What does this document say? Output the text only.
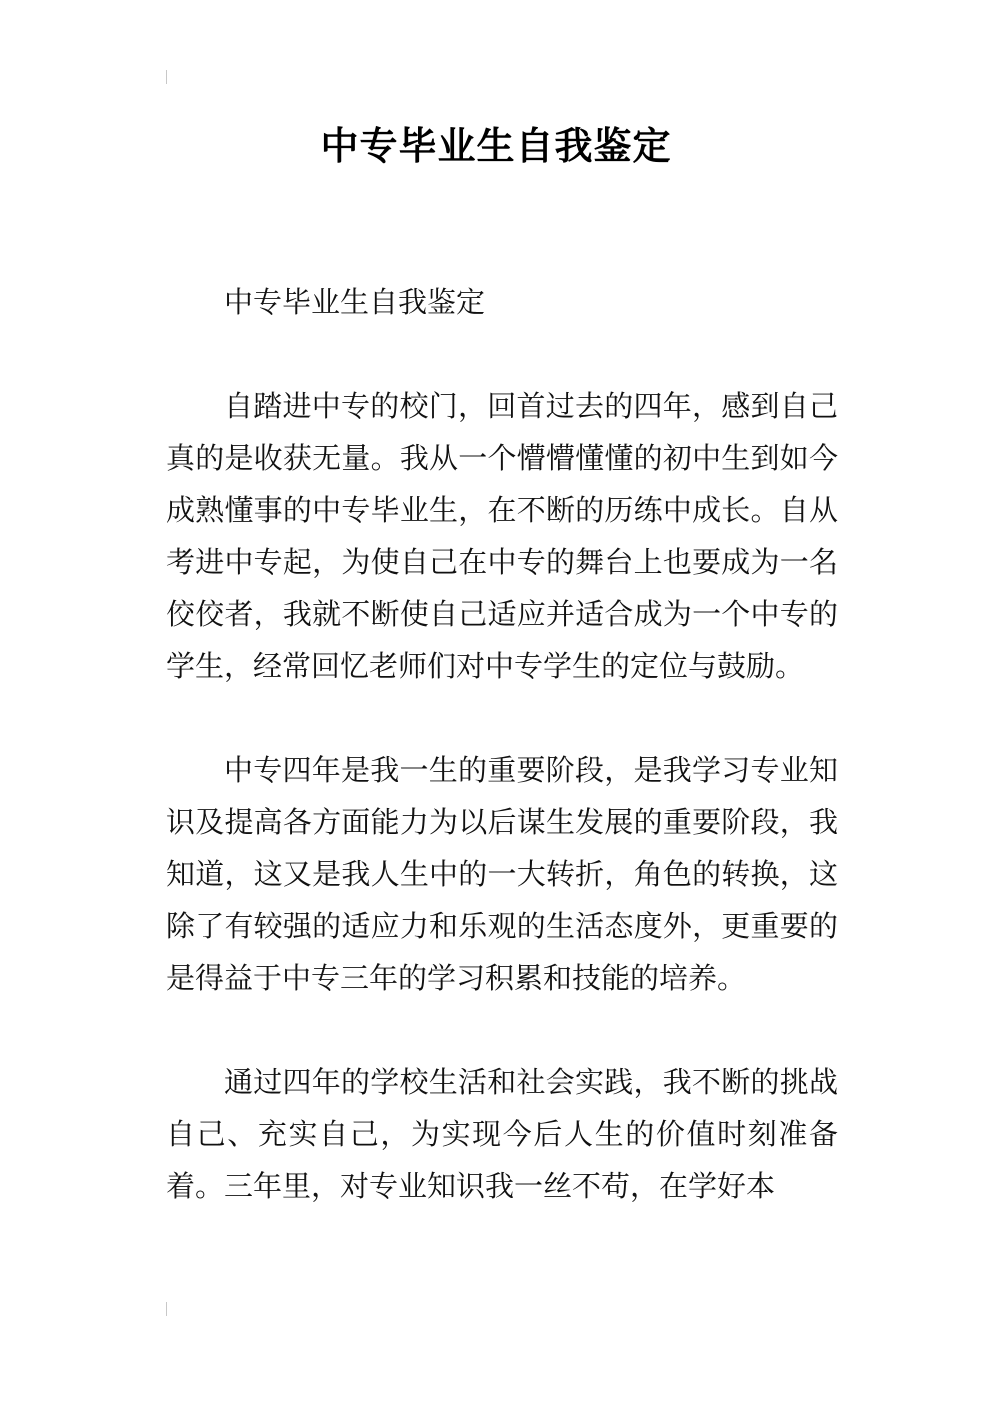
中专毕业生自我鉴定

中专毕业生自我鉴定

自踏进中专的校门，回首过去的四年，感到自己真的是收获无量。我从一个懵懵懂懂的初中生到如今成熟懂事的中专毕业生，在不断的历练中成长。自从考进中专起，为使自己在中专的舞台上也要成为一名佼佼者，我就不断使自己适应并适合成为一个中专的学生，经常回忆老师们对中专学生的定位与鼓励。

中专四年是我一生的重要阶段，是我学习专业知识及提高各方面能力为以后谋生发展的重要阶段，我知道，这又是我人生中的一大转折，角色的转换，这除了有较强的适应力和乐观的生活态度外，更重要的是得益于中专三年的学习积累和技能的培养。

通过四年的学校生活和社会实践，我不断的挑战自己、充实自己，为实现今后人生的价值时刻准备着。三年里，对专业知识我一丝不苟，在学好本
